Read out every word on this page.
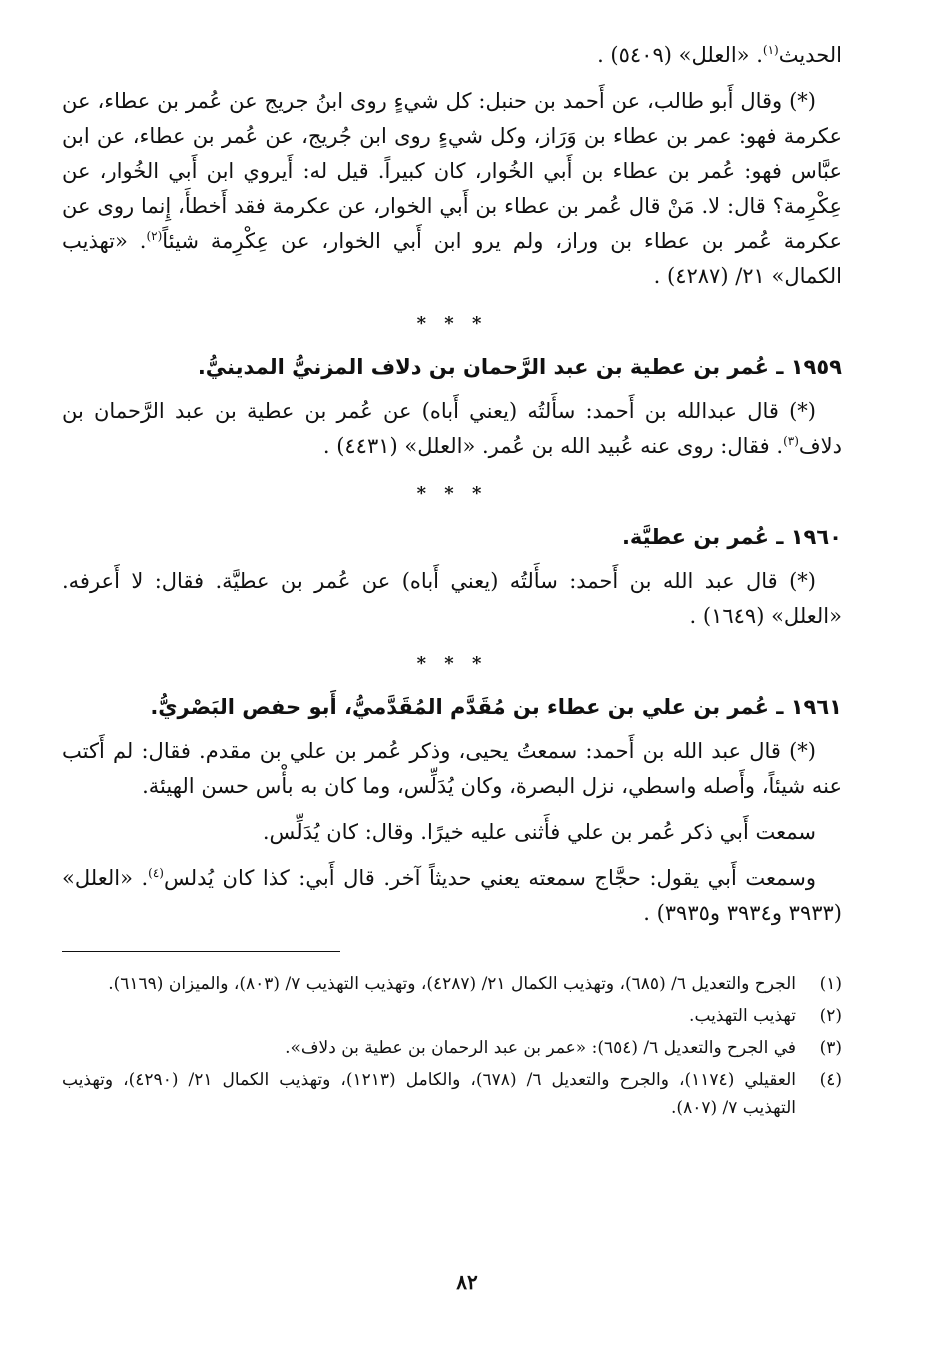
الحديث$^{(١)}$. «العلل» (٥٤٠٩) .

(*) وقال أَبو طالب، عن أَحمد بن حنبل: كل شيءٍ روى ابنُ جريج عن عُمر بن عطاء، عن عكرمة فهو: عمر بن عطاء بن وَرَاز، وكل شيءٍ روى ابن جُريج، عن عُمر بن عطاء، عن ابن عبَّاس فهو: عُمر بن عطاء بن أَبي الخُوار، كان كبيراً. قيل له: أَيروي ابن أَبي الخُوار، عن عِكْرِمة؟ قال: لا. مَنْ قال عُمر بن عطاء بن أَبي الخوار، عن عكرمة فقد أَخطأَ، إِنما روى عن عكرمة عُمر بن عطاء بن وراز، ولم يرو ابن أَبي الخوار، عن عِكْرِمة شيئاً$^{(٢)}$. «تهذيب الكمال» ٢١/ (٤٢٨٧) .

* * *
١٩٥٩ ـ عُمر بن عطية بن عبد الرَّحمان بن دلاف المزنيُّ المدينيُّ.

(*) قال عبدالله بن أَحمد: سأَلتُه (يعني أَباه) عن عُمر بن عطية بن عبد الرَّحمان بن دلاف$^{(٣)}$. فقال: روى عنه عُبيد الله بن عُمر. «العلل» (٤٤٣١) .

* * *
١٩٦٠ ـ عُمر بن عطيَّة.

(*) قال عبد الله بن أَحمد: سأَلتُه (يعني أَباه) عن عُمر بن عطيَّة. فقال: لا أَعرفه. «العلل» (١٦٤٩) .

* * *
١٩٦١ ـ عُمر بن علي بن عطاء بن مُقَدَّم المُقَدَّميُّ، أَبو حفص البَصْريُّ.

(*) قال عبد الله بن أَحمد: سمعتُ يحيى، وذكر عُمر بن علي بن مقدم. فقال: لم أَكتب عنه شيئاً، وأَصله واسطي، نزل البصرة، وكان يُدَلِّس، وما كان به بأْس حسن الهيئة.

سمعت أَبي ذكر عُمر بن علي فأَثنى عليه خيرًا. وقال: كان يُدَلِّس.

وسمعت أَبي يقول: حجَّاج سمعته يعني حديثاً آخر. قال أَبي: كذا كان يُدلس$^{(٤)}$. «العلل» (٣٩٣٣ و٣٩٣٤ و٣٩٣٥) .

(١)
الجرح والتعديل ٦/ (٦٨٥)، وتهذيب الكمال ٢١/ (٤٢٨٧)، وتهذيب التهذيب ٧/ (٨٠٣)، والميزان (٦١٦٩).
(٢)
تهذيب التهذيب.
(٣)
في الجرح والتعديل ٦/ (٦٥٤): «عمر بن عبد الرحمان بن عطية بن دلاف».
(٤)
العقيلي (١١٧٤)، والجرح والتعديل ٦/ (٦٧٨)، والكامل (١٢١٣)، وتهذيب الكمال ٢١/ (٤٢٩٠)، وتهذيب التهذيب ٧/ (٨٠٧).
٨٢
